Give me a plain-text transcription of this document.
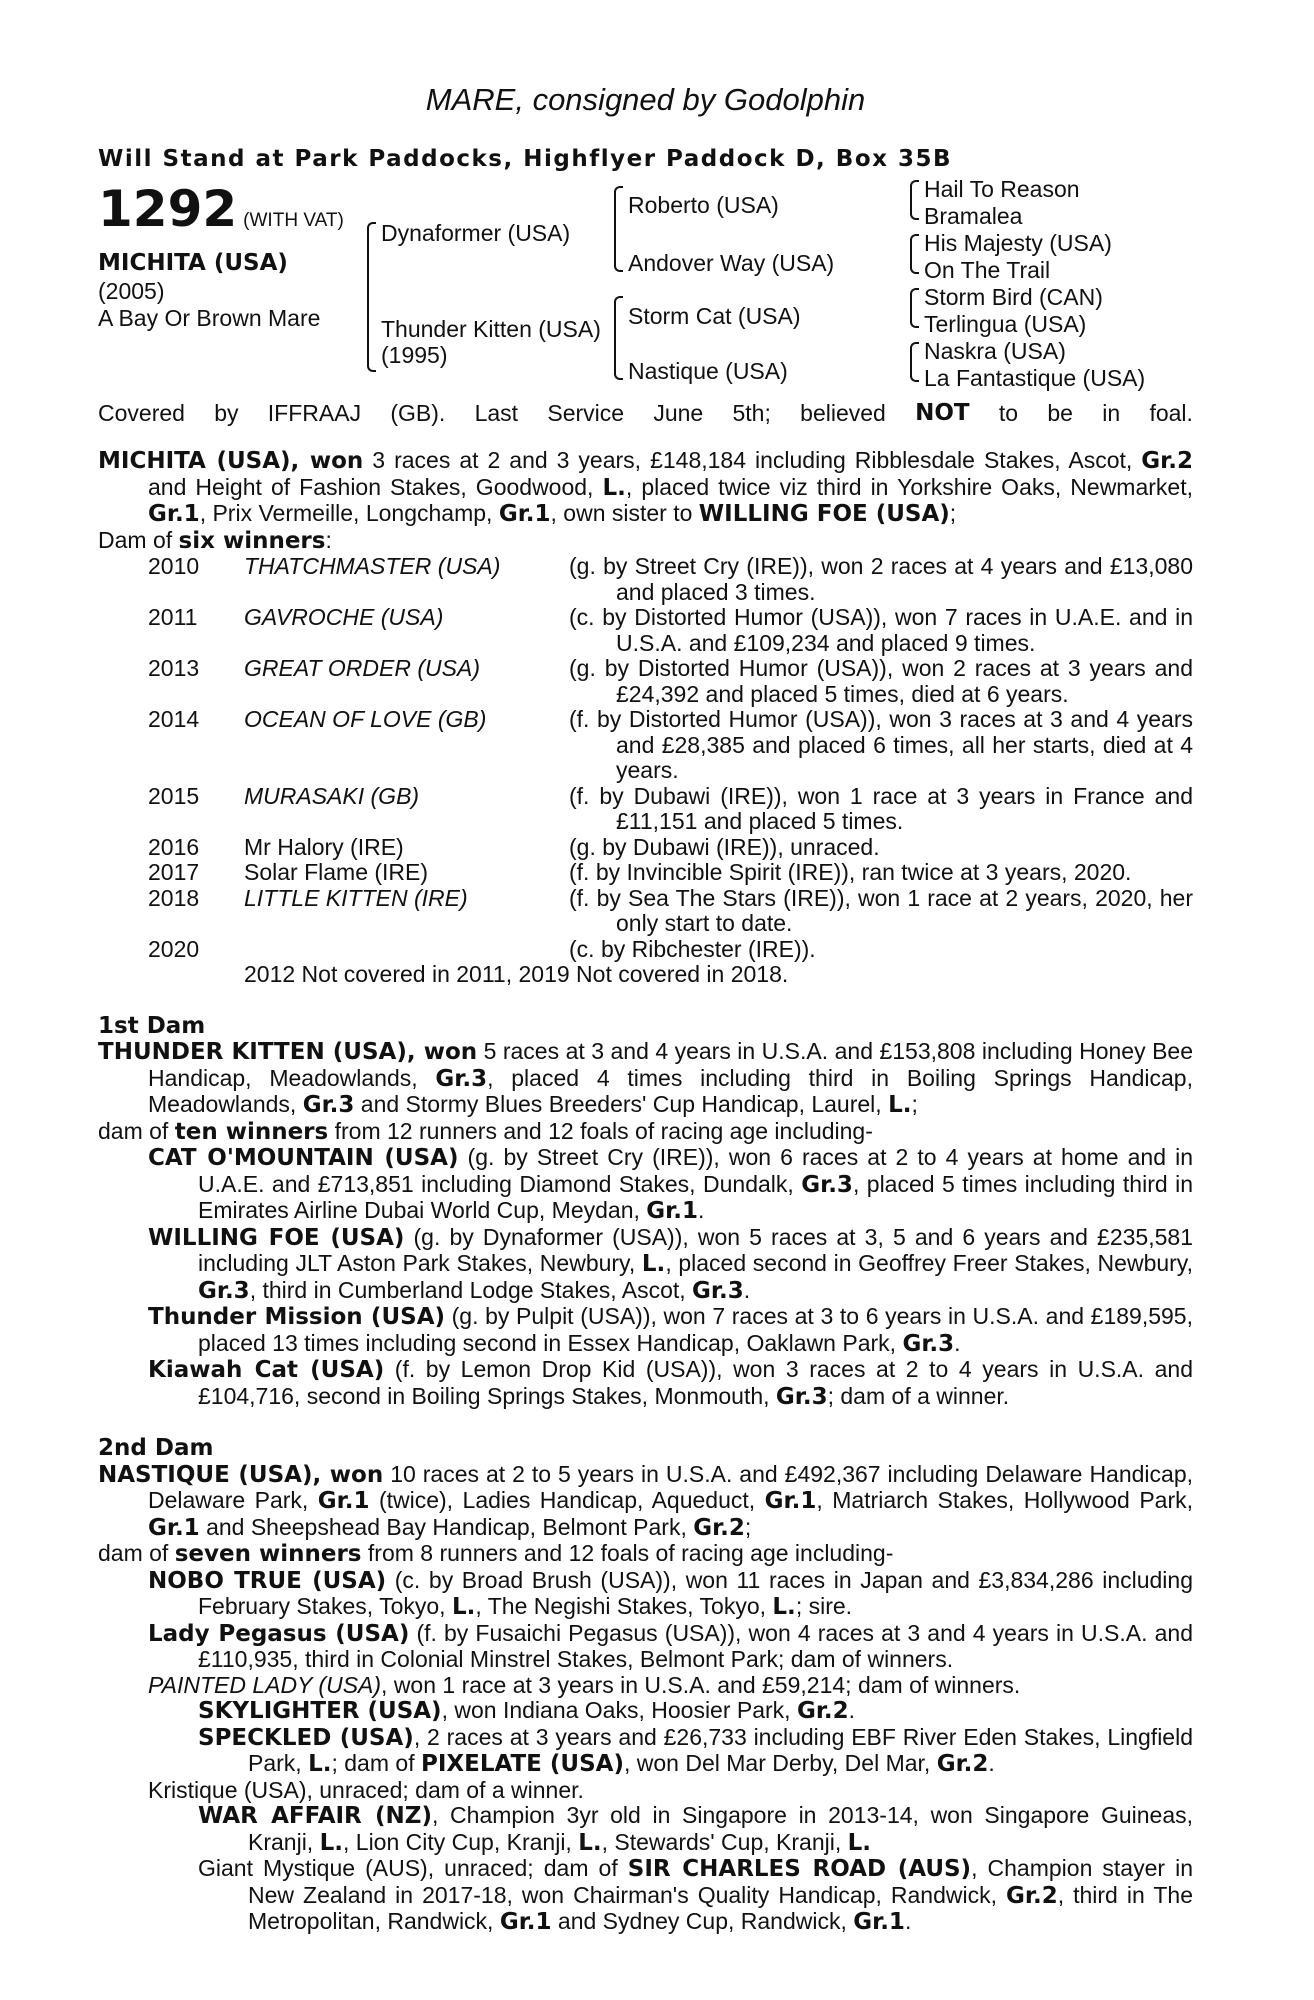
MARE, consigned by Godolphin
Will Stand at Park Paddocks, Highflyer Paddock D, Box 35B
1292 (WITH VAT)
MICHITA (USA)
(2005)
A Bay Or Brown Mare
Dynaformer (USA)
Thunder Kitten (USA)
(1995)
Roberto (USA)
Andover Way (USA)
Storm Cat (USA)
Nastique (USA)
Hail To Reason
Bramalea
His Majesty (USA)
On The Trail
Storm Bird (CAN)
Terlingua (USA)
Naskra (USA)
La Fantastique (USA)
Covered by IFFRAAJ (GB). Last Service June 5th; believed NOT to be in foal.

MICHITA (USA), won 3 races at 2 and 3 years, £148,184 including Ribblesdale Stakes, Ascot, Gr.2 and Height of Fashion Stakes, Goodwood, L., placed twice viz third in Yorkshire Oaks, Newmarket, Gr.1, Prix Vermeille, Longchamp, Gr.1, own sister to WILLING FOE (USA);

Dam of six winners:

2010	THATCHMASTER (USA)	(g. by Street Cry (IRE)), won 2 races at 4 years and £13,080 and placed 3 times.
2011	GAVROCHE (USA)	(c. by Distorted Humor (USA)), won 7 races in U.A.E. and in U.S.A. and £109,234 and placed 9 times.
2013	GREAT ORDER (USA)	(g. by Distorted Humor (USA)), won 2 races at 3 years and £24,392 and placed 5 times, died at 6 years.
2014	OCEAN OF LOVE (GB)	(f. by Distorted Humor (USA)), won 3 races at 3 and 4 years and £28,385 and placed 6 times, all her starts, died at 4 years.
2015	MURASAKI (GB)	(f. by Dubawi (IRE)), won 1 race at 3 years in France and £11,151 and placed 5 times.
2016	Mr Halory (IRE)	(g. by Dubawi (IRE)), unraced.
2017	Solar Flame (IRE)	(f. by Invincible Spirit (IRE)), ran twice at 3 years, 2020.
2018	LITTLE KITTEN (IRE)	(f. by Sea The Stars (IRE)), won 1 race at 2 years, 2020, her only start to date.
2020		(c. by Ribchester (IRE)).

2012 Not covered in 2011, 2019 Not covered in 2018.

1st Dam

THUNDER KITTEN (USA), won 5 races at 3 and 4 years in U.S.A. and £153,808 including Honey Bee Handicap, Meadowlands, Gr.3, placed 4 times including third in Boiling Springs Handicap, Meadowlands, Gr.3 and Stormy Blues Breeders' Cup Handicap, Laurel, L.;

dam of ten winners from 12 runners and 12 foals of racing age including-

CAT O'MOUNTAIN (USA) (g. by Street Cry (IRE)), won 6 races at 2 to 4 years at home and in U.A.E. and £713,851 including Diamond Stakes, Dundalk, Gr.3, placed 5 times including third in Emirates Airline Dubai World Cup, Meydan, Gr.1.

WILLING FOE (USA) (g. by Dynaformer (USA)), won 5 races at 3, 5 and 6 years and £235,581 including JLT Aston Park Stakes, Newbury, L., placed second in Geoffrey Freer Stakes, Newbury, Gr.3, third in Cumberland Lodge Stakes, Ascot, Gr.3.

Thunder Mission (USA) (g. by Pulpit (USA)), won 7 races at 3 to 6 years in U.S.A. and £189,595, placed 13 times including second in Essex Handicap, Oaklawn Park, Gr.3.

Kiawah Cat (USA) (f. by Lemon Drop Kid (USA)), won 3 races at 2 to 4 years in U.S.A. and £104,716, second in Boiling Springs Stakes, Monmouth, Gr.3; dam of a winner.

2nd Dam

NASTIQUE (USA), won 10 races at 2 to 5 years in U.S.A. and £492,367 including Delaware Handicap, Delaware Park, Gr.1 (twice), Ladies Handicap, Aqueduct, Gr.1, Matriarch Stakes, Hollywood Park, Gr.1 and Sheepshead Bay Handicap, Belmont Park, Gr.2;

dam of seven winners from 8 runners and 12 foals of racing age including-

NOBO TRUE (USA) (c. by Broad Brush (USA)), won 11 races in Japan and £3,834,286 including February Stakes, Tokyo, L., The Negishi Stakes, Tokyo, L.; sire.

Lady Pegasus (USA) (f. by Fusaichi Pegasus (USA)), won 4 races at 3 and 4 years in U.S.A. and £110,935, third in Colonial Minstrel Stakes, Belmont Park; dam of winners.

PAINTED LADY (USA), won 1 race at 3 years in U.S.A. and £59,214; dam of winners.

SKYLIGHTER (USA), won Indiana Oaks, Hoosier Park, Gr.2.

SPECKLED (USA), 2 races at 3 years and £26,733 including EBF River Eden Stakes, Lingfield Park, L.; dam of PIXELATE (USA), won Del Mar Derby, Del Mar, Gr.2.

Kristique (USA), unraced; dam of a winner.

WAR AFFAIR (NZ), Champion 3yr old in Singapore in 2013-14, won Singapore Guineas, Kranji, L., Lion City Cup, Kranji, L., Stewards' Cup, Kranji, L.

Giant Mystique (AUS), unraced; dam of SIR CHARLES ROAD (AUS), Champion stayer in New Zealand in 2017-18, won Chairman's Quality Handicap, Randwick, Gr.2, third in The Metropolitan, Randwick, Gr.1 and Sydney Cup, Randwick, Gr.1.
